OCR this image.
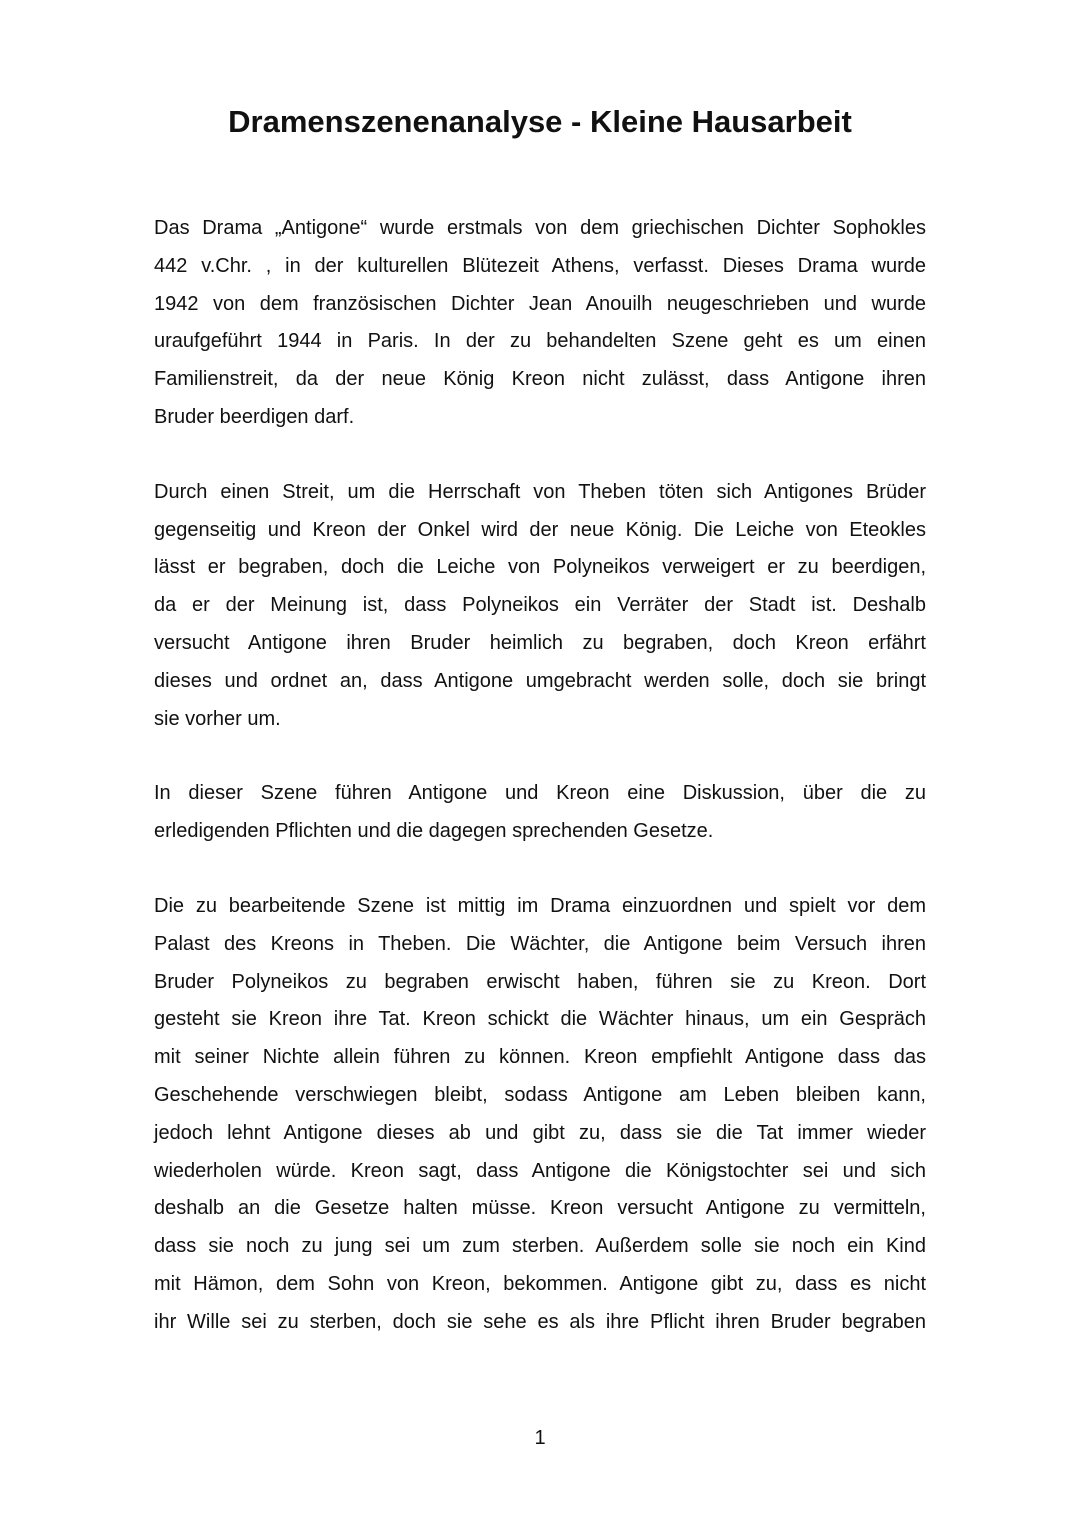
Dramenszenenanalyse - Kleine Hausarbeit
Das Drama „Antigone“ wurde erstmals von dem griechischen Dichter Sophokles
442 v.Chr. , in der kulturellen Blütezeit Athens, verfasst. Dieses Drama wurde
1942 von dem französischen Dichter Jean Anouilh neugeschrieben und wurde
uraufgeführt 1944 in Paris. In der zu behandelten Szene geht es um einen
Familienstreit, da der neue König Kreon nicht zulässt, dass Antigone ihren
Bruder beerdigen darf.
Durch einen Streit, um die Herrschaft von Theben töten sich Antigones Brüder
gegenseitig und Kreon der Onkel wird der neue König. Die Leiche von Eteokles
lässt er begraben, doch die Leiche von Polyneikos verweigert er zu beerdigen,
da er der Meinung ist, dass Polyneikos ein Verräter der Stadt ist. Deshalb
versucht Antigone ihren Bruder heimlich zu begraben, doch Kreon erfährt
dieses und ordnet an, dass Antigone umgebracht werden solle, doch sie bringt
sie vorher um.
In dieser Szene führen Antigone und Kreon eine Diskussion, über die zu
erledigenden Pflichten und die dagegen sprechenden Gesetze.
Die zu bearbeitende Szene ist mittig im Drama einzuordnen und spielt vor dem
Palast des Kreons in Theben. Die Wächter, die Antigone beim Versuch ihren
Bruder Polyneikos zu begraben erwischt haben, führen sie zu Kreon. Dort
gesteht sie Kreon ihre Tat. Kreon schickt die Wächter hinaus, um ein Gespräch
mit seiner Nichte allein führen zu können. Kreon empfiehlt Antigone dass das
Geschehende verschwiegen bleibt, sodass Antigone am Leben bleiben kann,
jedoch lehnt Antigone dieses ab und gibt zu, dass sie die Tat immer wieder
wiederholen würde. Kreon sagt, dass Antigone die Königstochter sei und sich
deshalb an die Gesetze halten müsse. Kreon versucht Antigone zu vermitteln,
dass sie noch zu jung sei um zum sterben. Außerdem solle sie noch ein Kind
mit Hämon, dem Sohn von Kreon, bekommen. Antigone gibt zu, dass es nicht
ihr Wille sei zu sterben, doch sie sehe es als ihre Pflicht ihren Bruder begraben
1
